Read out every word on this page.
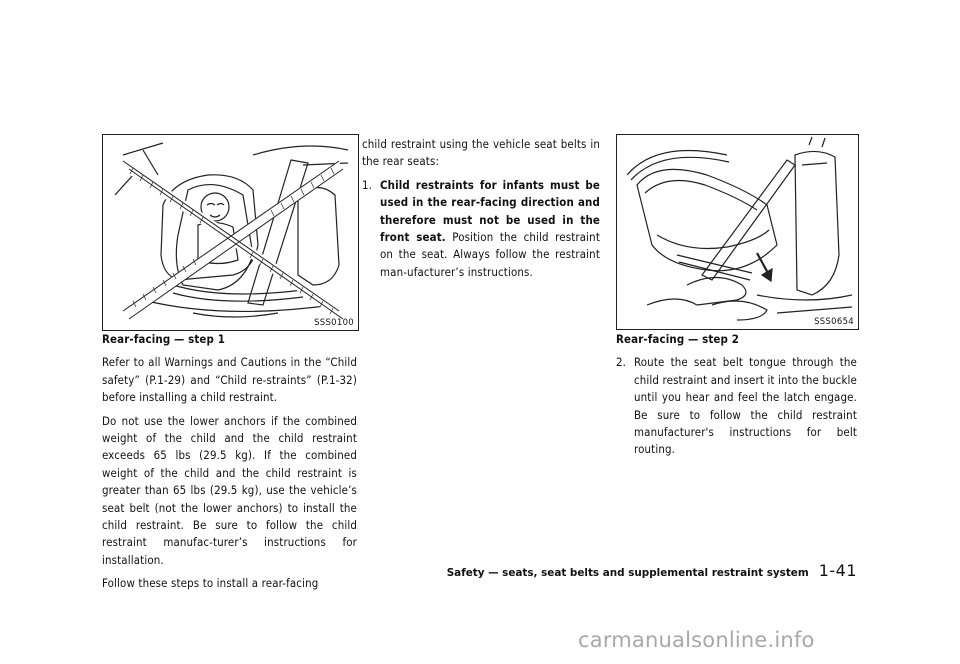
SSS0100

Rear-facing — step 1

Refer to all Warnings and Cautions in the “Child safety” (P.1-29) and “Child re-straints” (P.1-32) before installing a child restraint.

Do not use the lower anchors if the combined weight of the child and the child restraint exceeds 65 lbs (29.5 kg). If the combined weight of the child and the child restraint is greater than 65 lbs (29.5 kg), use the vehicle’s seat belt (not the lower anchors) to install the child restraint. Be sure to follow the child restraint manufac-turer’s instructions for installation.

Follow these steps to install a rear-facing

child restraint using the vehicle seat belts in the rear seats:

1. Child restraints for infants must be used in the rear-facing direction and therefore must not be used in the front seat. Position the child restraint on the seat. Always follow the restraint man-ufacturer’s instructions.
SSS0654

Rear-facing — step 2

2. Route the seat belt tongue through the child restraint and insert it into the buckle until you hear and feel the latch engage. Be sure to follow the child restraint manufacturer's instructions for belt routing.
Safety — seats, seat belts and supplemental restraint system 1-41
carmanualsonline.info
